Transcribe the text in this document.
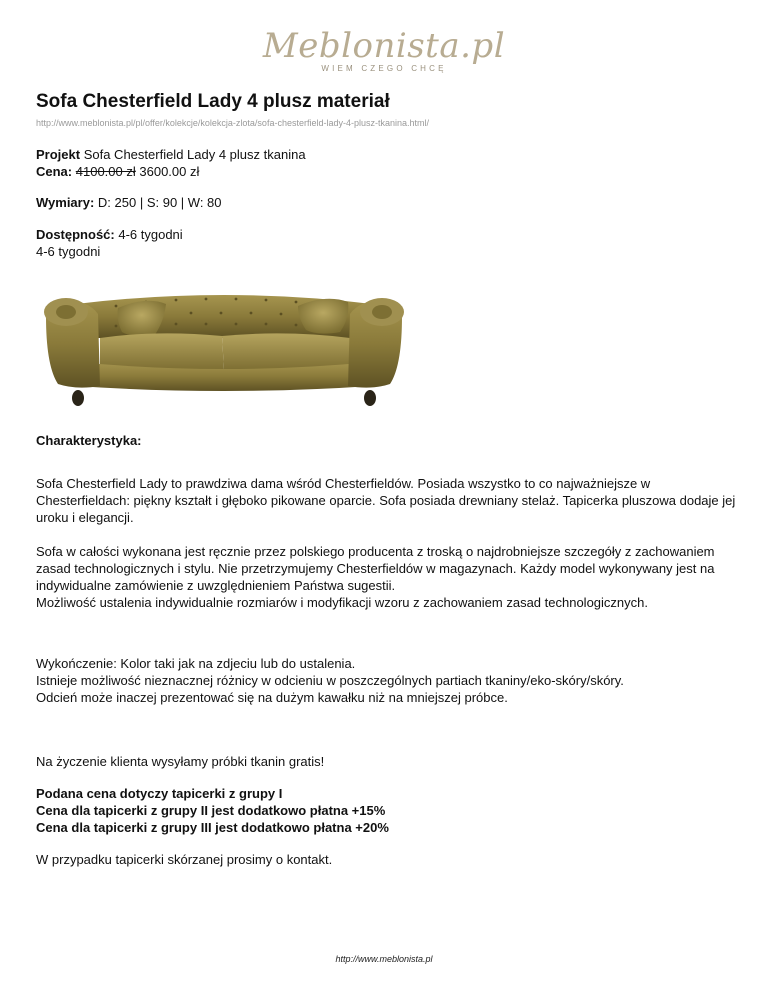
Meblonista.pl
WIEM CZEGO CHCĘ
Sofa Chesterfield Lady 4 plusz materiał
http://www.meblonista.pl/pl/offer/kolekcje/kolekcja-zlota/sofa-chesterfield-lady-4-plusz-tkanina.html/
Projekt Sofa Chesterfield Lady 4 plusz tkanina
Cena: 4100.00 zł 3600.00 zł
Wymiary: D: 250 | S: 90 | W: 80
Dostępność: 4-6 tygodni
4-6 tygodni
Charakterystyka:
Sofa Chesterfield Lady to prawdziwa dama wśród Chesterfieldów. Posiada wszystko to co najważniejsze w Chesterfieldach: piękny kształt i głęboko pikowane oparcie. Sofa posiada drewniany stelaż. Tapicerka pluszowa dodaje jej uroku i elegancji.
Sofa w całości wykonana jest ręcznie przez polskiego producenta z troską o najdrobniejsze szczegóły z zachowaniem zasad technologicznych i stylu. Nie przetrzymujemy Chesterfieldów w magazynach. Każdy model wykonywany jest na indywidualne zamówienie z uwzględnieniem Państwa sugestii.
Możliwość ustalenia indywidualnie rozmiarów i modyfikacji wzoru z zachowaniem zasad technologicznych.
Wykończenie: Kolor taki jak na zdjeciu lub do ustalenia.
Istnieje możliwość nieznacznej różnicy w odcieniu w poszczególnych partiach tkaniny/eko-skóry/skóry.
Odcień może inaczej prezentować się na dużym kawałku niż na mniejszej próbce.
Na życzenie klienta wysyłamy próbki tkanin gratis!
Podana cena dotyczy tapicerki z grupy I
Cena dla tapicerki z grupy II jest dodatkowo płatna +15%
Cena dla tapicerki z grupy III jest dodatkowo płatna +20%
W przypadku tapicerki skórzanej prosimy o kontakt.
http://www.meblonista.pl
